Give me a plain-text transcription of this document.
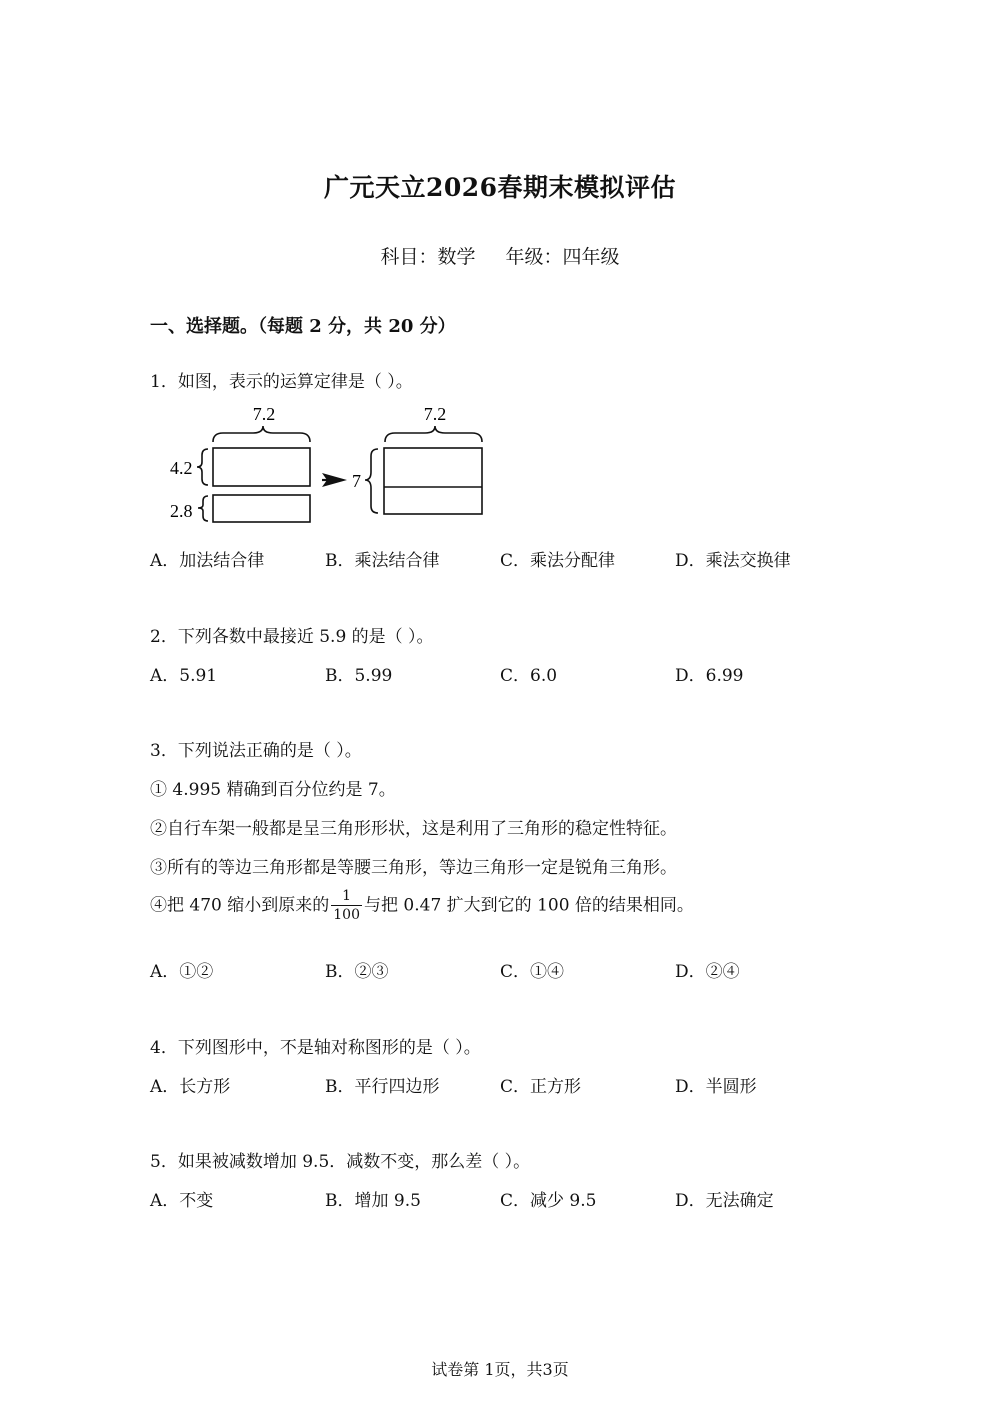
广元天立2026春期末模拟评估
科目：数学 年级：四年级
一、选择题。（每题 2 分，共 20 分）
1．如图，表示的运算定律是（ ）。
7.2
4.2
2.8
7
7.2
A．加法结合律	B．乘法结合律	C．乘法分配律	D．乘法交换律
2．下列各数中最接近 5.9 的是（ ）。
A．5.91	B．5.99	C．6.0	D．6.99
3．下列说法正确的是（ ）。
① 4.995 精确到百分位约是 7。
②自行车架一般都是呈三角形形状，这是利用了三角形的稳定性特征。
③所有的等边三角形都是等腰三角形，等边三角形一定是锐角三角形。
④把 470 缩小到原来的 $\frac{1}{100}$ 与把 0.47 扩大到它的 100 倍的结果相同。
A．①②	B．②③	C．①④	D．②④
4．下列图形中，不是轴对称图形的是（ ）。
A．长方形	B．平行四边形	C．正方形	D．半圆形
5．如果被减数增加 9.5．减数不变，那么差（ ）。
A．不变	B．增加 9.5	C．减少 9.5	D．无法确定
试卷第 1页，共3页
